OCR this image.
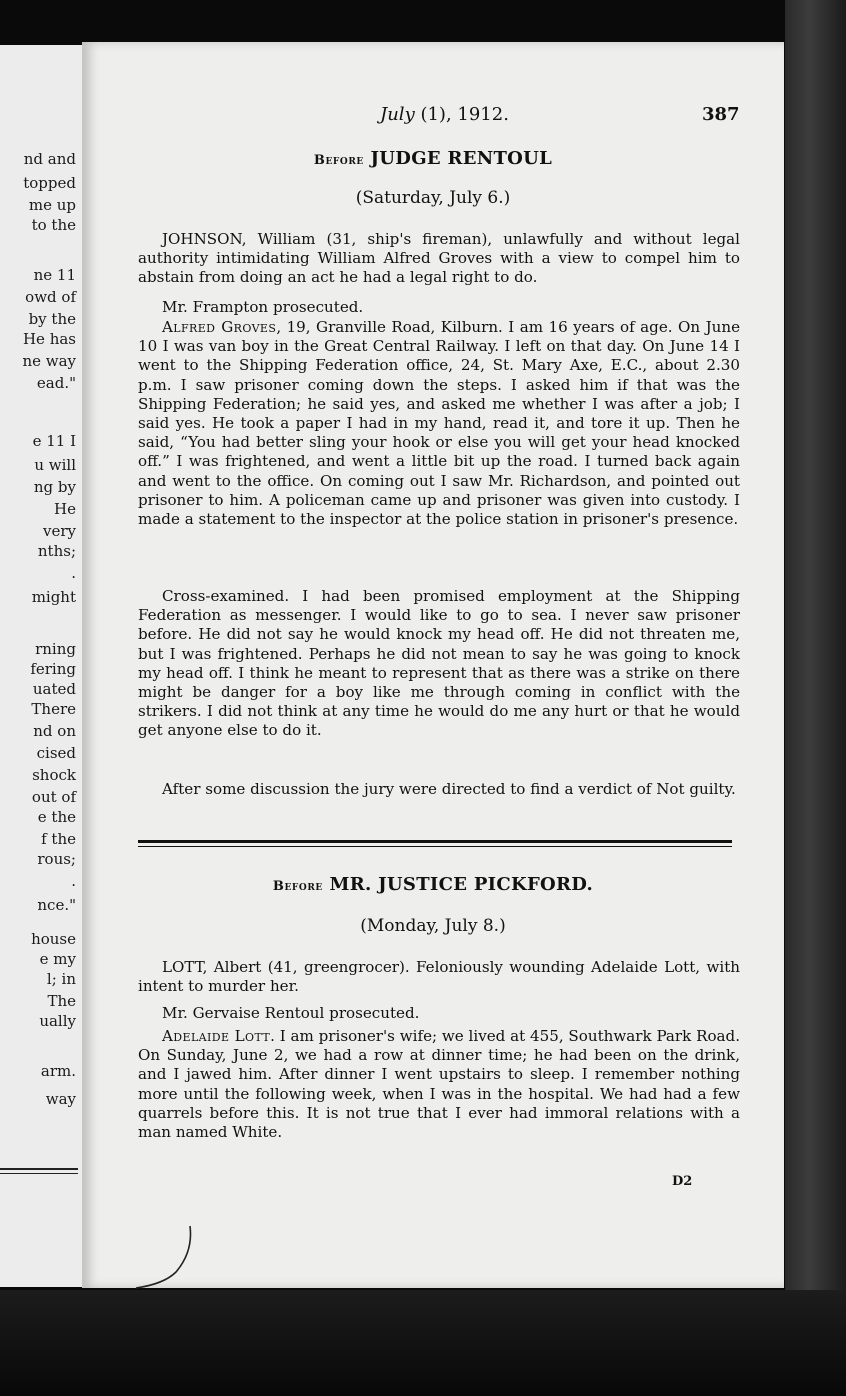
nd and
topped
me up
to the
ne 11
owd of
by the
He has
ne way
ead."
e 11 I
u will
ng by
He
very
nths;
.
might
rning
fering
uated
There
nd on
cised
shock
out of
e the
f the
rous;
.
nce."
house
e my
l; in
The
ually
arm.
way
July (1), 1912.	387
Before JUDGE RENTOUL
(Saturday, July 6.)

JOHNSON, William (31, ship's fireman), unlawfully and without legal authority intimidating William Alfred Groves with a view to compel him to abstain from doing an act he had a legal right to do.

Mr. Frampton prosecuted.

Alfred Groves, 19, Granville Road, Kilburn. I am 16 years of age. On June 10 I was van boy in the Great Central Railway. I left on that day. On June 14 I went to the Shipping Federation office, 24, St. Mary Axe, E.C., about 2.30 p.m. I saw prisoner coming down the steps. I asked him if that was the Shipping Federation; he said yes, and asked me whether I was after a job; I said yes. He took a paper I had in my hand, read it, and tore it up. Then he said, “You had better sling your hook or else you will get your head knocked off.” I was frightened, and went a little bit up the road. I turned back again and went to the office. On coming out I saw Mr. Richardson, and pointed out prisoner to him. A policeman came up and prisoner was given into custody. I made a statement to the inspector at the police station in prisoner's presence.

Cross-examined. I had been promised employment at the Shipping Federation as messenger. I would like to go to sea. I never saw prisoner before. He did not say he would knock my head off. He did not threaten me, but I was frightened. Perhaps he did not mean to say he was going to knock my head off. I think he meant to represent that as there was a strike on there might be danger for a boy like me through coming in conflict with the strikers. I did not think at any time he would do me any hurt or that he would get anyone else to do it.

After some discussion the jury were directed to find a verdict of Not guilty.

Before MR. JUSTICE PICKFORD.
(Monday, July 8.)

LOTT, Albert (41, greengrocer). Feloniously wounding Adelaide Lott, with intent to murder her.

Mr. Gervaise Rentoul prosecuted.

Adelaide Lott. I am prisoner's wife; we lived at 455, Southwark Park Road. On Sunday, June 2, we had a row at dinner time; he had been on the drink, and I jawed him. After dinner I went upstairs to sleep. I remember nothing more until the following week, when I was in the hospital. We had had a few quarrels before this. It is not true that I ever had immoral relations with a man named White.

D2
